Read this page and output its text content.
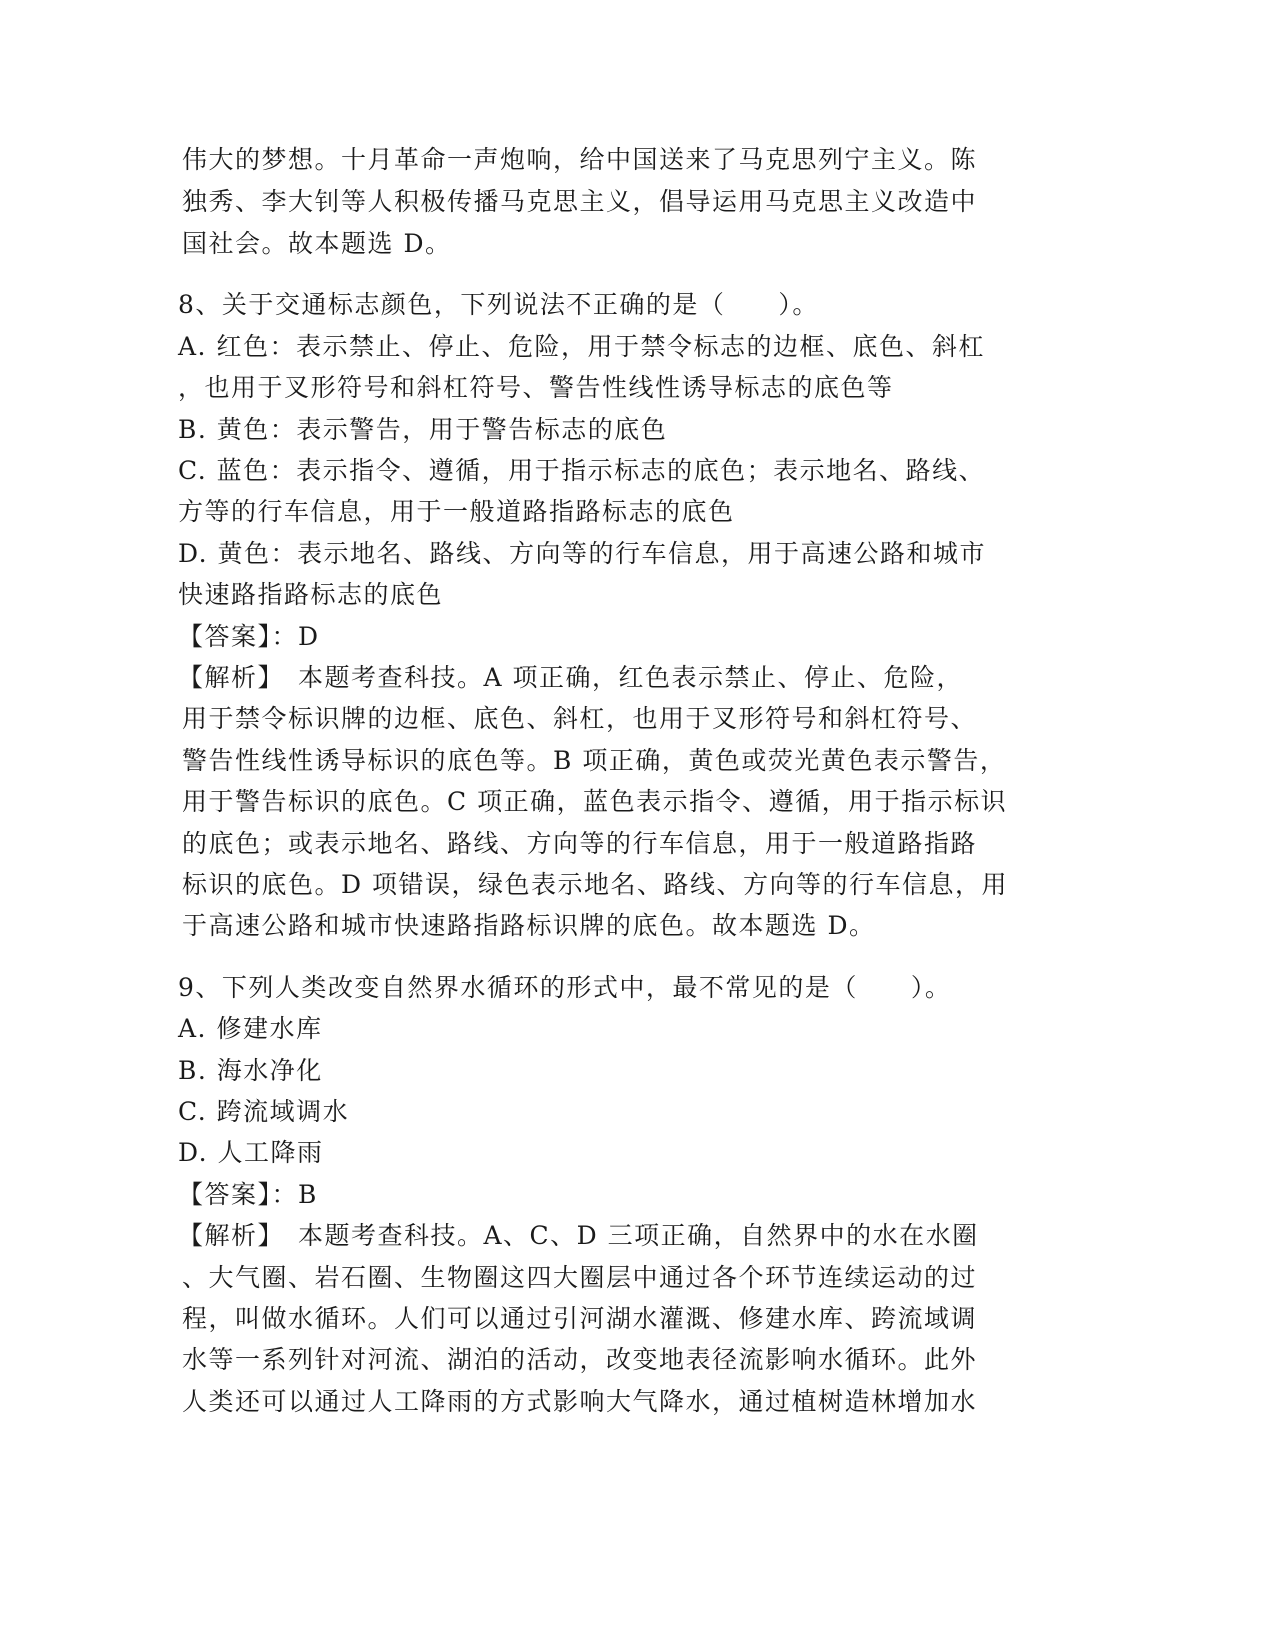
伟大的梦想。十月革命一声炮响，给中国送来了马克思列宁主义。陈
独秀、李大钊等人积极传播马克思主义，倡导运用马克思主义改造中
国社会。故本题选 D。
8、关于交通标志颜色，下列说法不正确的是（　　）。
A. 红色：表示禁止、停止、危险，用于禁令标志的边框、底色、斜杠
，也用于叉形符号和斜杠符号、警告性线性诱导标志的底色等
B. 黄色：表示警告，用于警告标志的底色
C. 蓝色：表示指令、遵循，用于指示标志的底色；表示地名、路线、
方等的行车信息，用于一般道路指路标志的底色
D. 黄色：表示地名、路线、方向等的行车信息，用于高速公路和城市
快速路指路标志的底色
【答案】：D
【解析】　本题考查科技。A 项正确，红色表示禁止、停止、危险，
用于禁令标识牌的边框、底色、斜杠，也用于叉形符号和斜杠符号、
警告性线性诱导标识的底色等。B 项正确，黄色或荧光黄色表示警告，
用于警告标识的底色。C 项正确，蓝色表示指令、遵循，用于指示标识
的底色；或表示地名、路线、方向等的行车信息，用于一般道路指路
标识的底色。D 项错误，绿色表示地名、路线、方向等的行车信息，用
于高速公路和城市快速路指路标识牌的底色。故本题选 D。
9、下列人类改变自然界水循环的形式中，最不常见的是（　　）。
A. 修建水库
B. 海水净化
C. 跨流域调水
D. 人工降雨
【答案】：B
【解析】　本题考查科技。A、C、D 三项正确，自然界中的水在水圈
、大气圈、岩石圈、生物圈这四大圈层中通过各个环节连续运动的过
程，叫做水循环。人们可以通过引河湖水灌溉、修建水库、跨流域调
水等一系列针对河流、湖泊的活动，改变地表径流影响水循环。此外
人类还可以通过人工降雨的方式影响大气降水，通过植树造林增加水
